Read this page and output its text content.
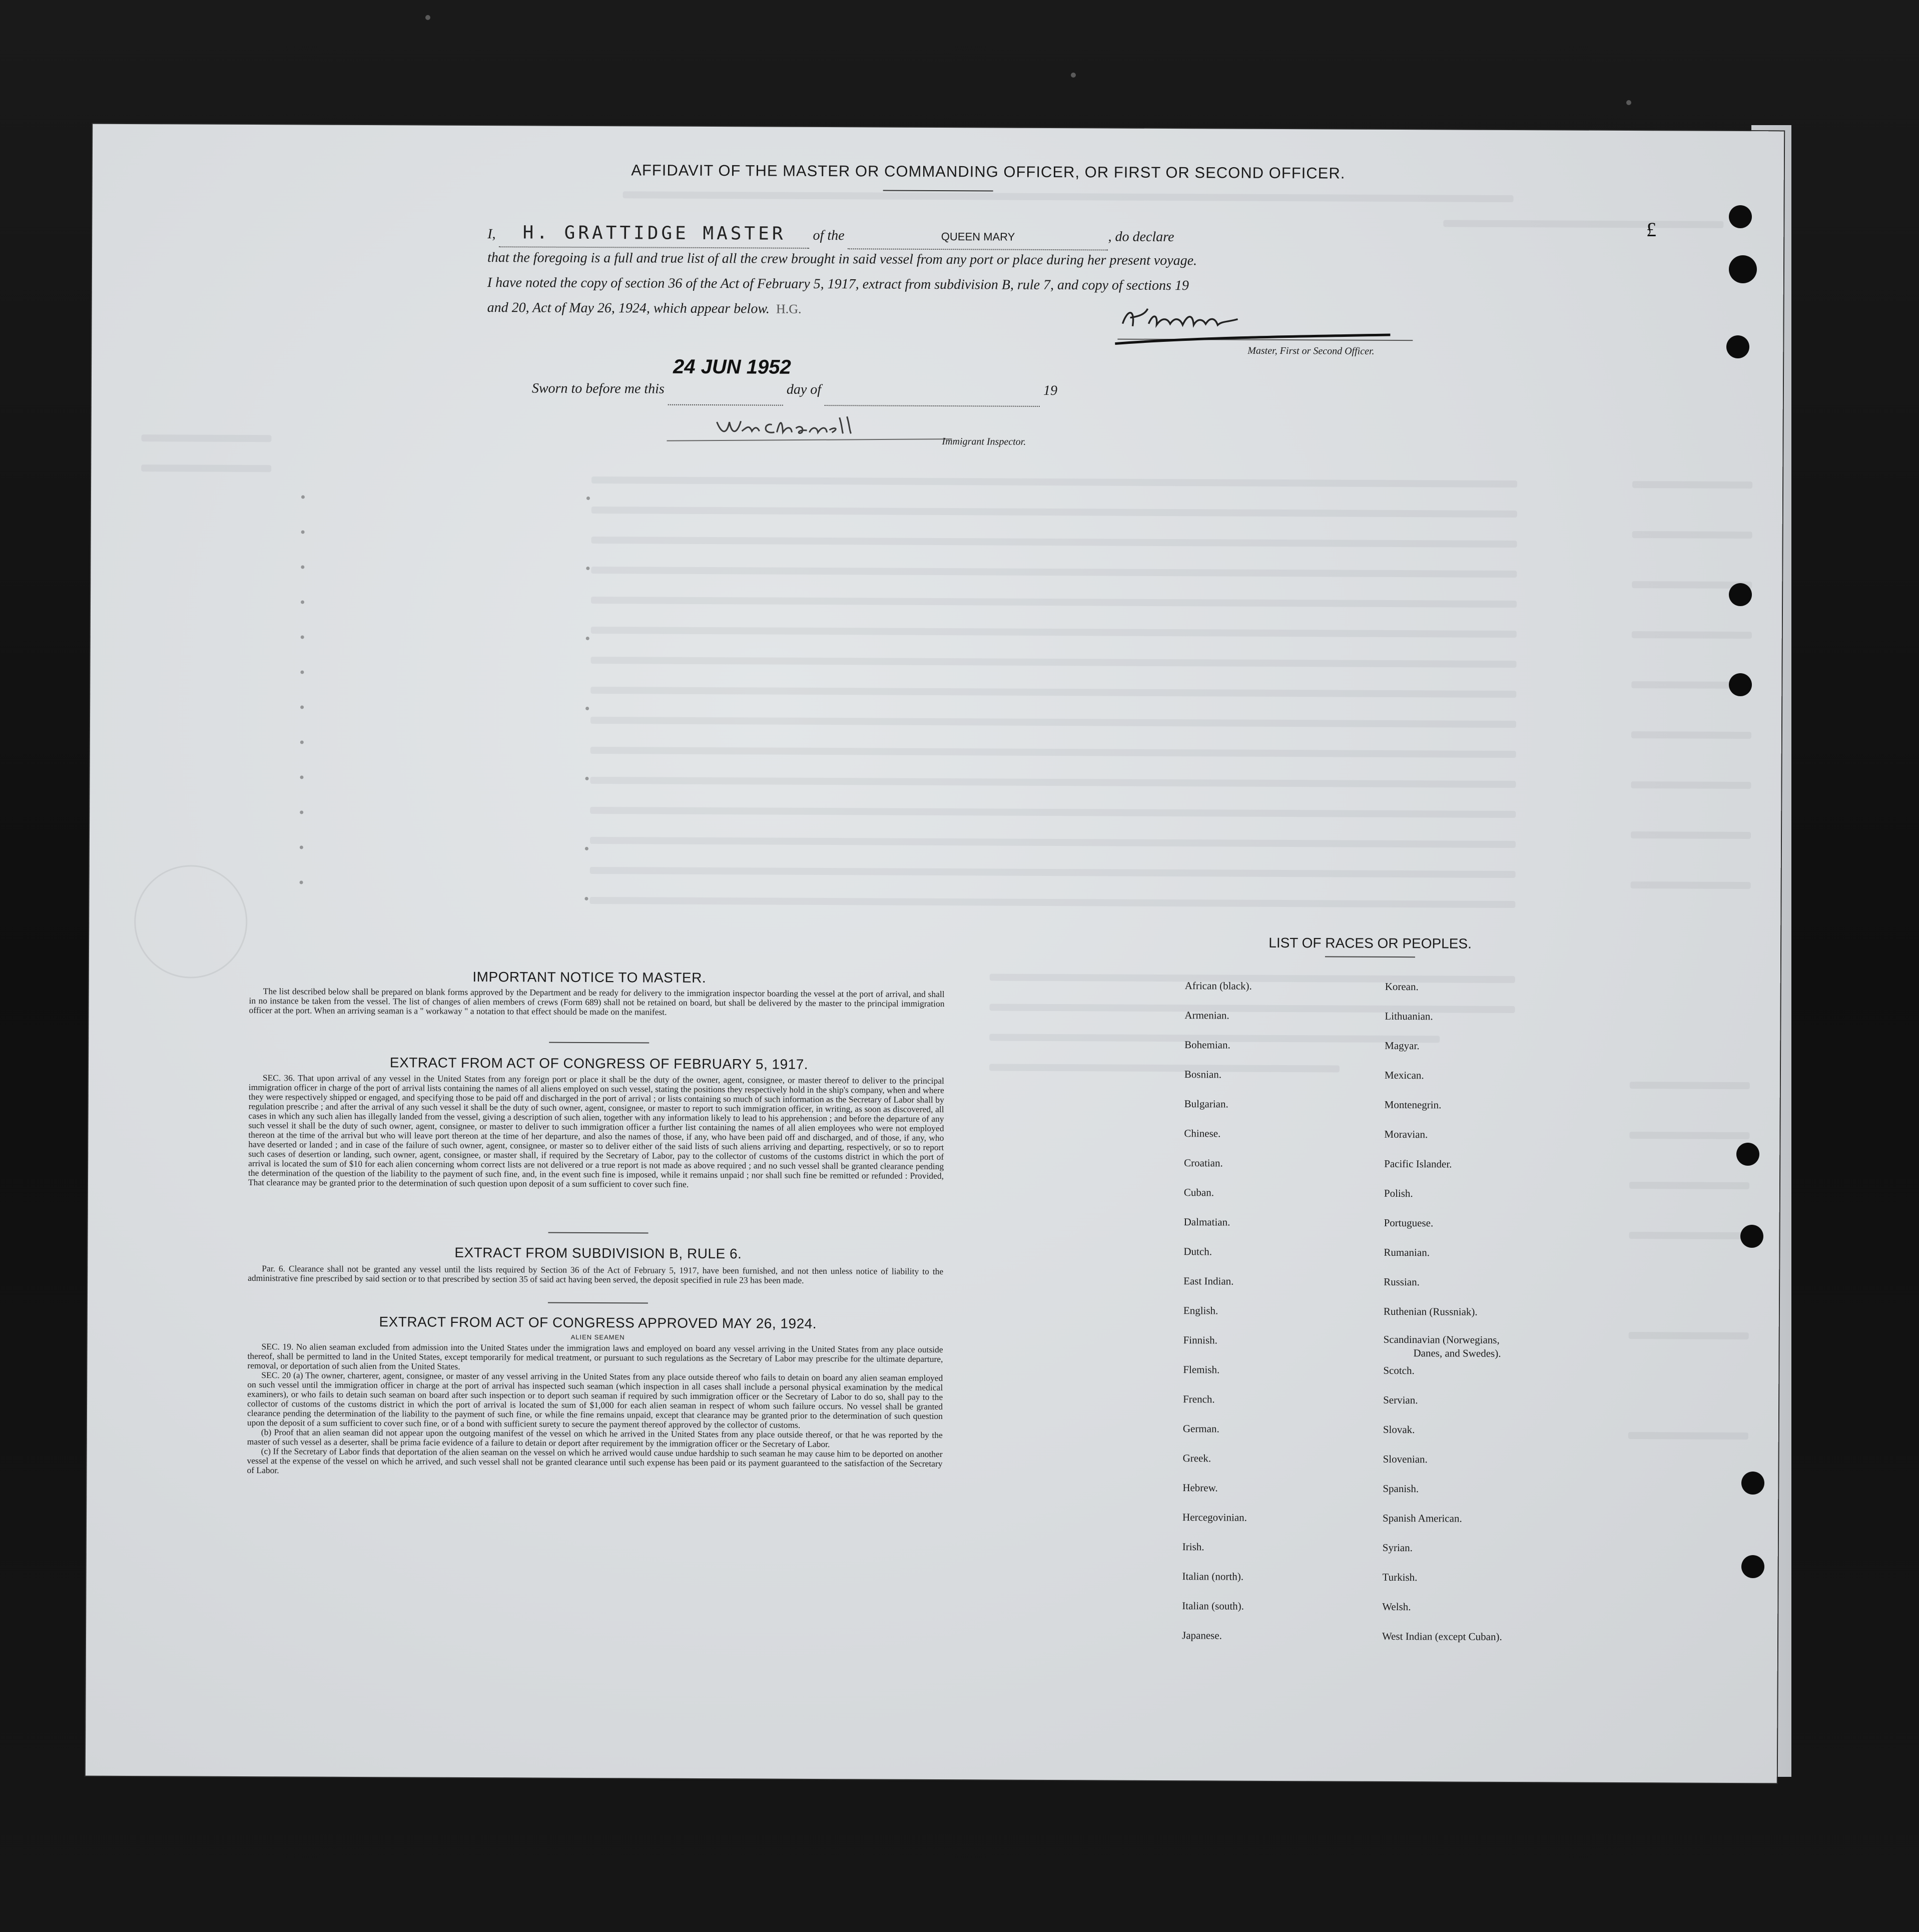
AFFIDAVIT OF THE MASTER OR COMMANDING OFFICER, OR FIRST OR SECOND OFFICER.
I, H. GRATTIDGE MASTER of the	QUEEN MARY	, do declare
that the foregoing is a full and true list of all the crew brought in said vessel from any port or place during her present voyage.
I have noted the copy of section 36 of the Act of February 5, 1917, extract from subdivision B, rule 7, and copy of sections 19
and 20, Act of May 26, 1924, which appear below. H.G.
Master, First or Second Officer.
Sworn to before me this
24 JUN 1952
day of	19
Immigrant Inspector.
IMPORTANT NOTICE TO MASTER.

The list described below shall be prepared on blank forms approved by the Department and be ready for delivery to the immigration inspector boarding the vessel at the port of arrival, and shall in no instance be taken from the vessel. The list of changes of alien members of crews (Form 689) shall not be retained on board, but shall be delivered by the master to the principal immigration officer at the port. When an arriving seaman is a " workaway " a notation to that effect should be made on the manifest.

EXTRACT FROM ACT OF CONGRESS OF FEBRUARY 5, 1917.

SEC. 36. That upon arrival of any vessel in the United States from any foreign port or place it shall be the duty of the owner, agent, consignee, or master thereof to deliver to the principal immigration officer in charge of the port of arrival lists containing the names of all aliens employed on such vessel, stating the positions they respectively hold in the ship's company, when and where they were respectively shipped or engaged, and specifying those to be paid off and discharged in the port of arrival ; or lists containing so much of such information as the Secretary of Labor shall by regulation prescribe ; and after the arrival of any such vessel it shall be the duty of such owner, agent, consignee, or master to report to such immigration officer, in writing, as soon as discovered, all cases in which any such alien has illegally landed from the vessel, giving a description of such alien, together with any information likely to lead to his apprehension ; and before the departure of any such vessel it shall be the duty of such owner, agent, consignee, or master to deliver to such immigration officer a further list containing the names of all alien employees who were not employed thereon at the time of the arrival but who will leave port thereon at the time of her departure, and also the names of those, if any, who have been paid off and discharged, and of those, if any, who have deserted or landed ; and in case of the failure of such owner, agent, consignee, or master so to deliver either of the said lists of such aliens arriving and departing, respectively, or so to report such cases of desertion or landing, such owner, agent, consignee, or master shall, if required by the Secretary of Labor, pay to the collector of customs of the customs district in which the port of arrival is located the sum of $10 for each alien concerning whom correct lists are not delivered or a true report is not made as above required ; and no such vessel shall be granted clearance pending the determination of the question of the liability to the payment of such fine, and, in the event such fine is imposed, while it remains unpaid ; nor shall such fine be remitted or refunded : Provided, That clearance may be granted prior to the determination of such question upon deposit of a sum sufficient to cover such fine.

EXTRACT FROM SUBDIVISION B, RULE 6.

Par. 6. Clearance shall not be granted any vessel until the lists required by Section 36 of the Act of February 5, 1917, have been furnished, and not then unless notice of liability to the administrative fine prescribed by said section or to that prescribed by section 35 of said act having been served, the deposit specified in rule 23 has been made.

EXTRACT FROM ACT OF CONGRESS APPROVED MAY 26, 1924.
ALIEN SEAMEN

SEC. 19. No alien seaman excluded from admission into the United States under the immigration laws and employed on board any vessel arriving in the United States from any place outside thereof, shall be permitted to land in the United States, except temporarily for medical treatment, or pursuant to such regulations as the Secretary of Labor may prescribe for the ultimate departure, removal, or deportation of such alien from the United States.

SEC. 20 (a) The owner, charterer, agent, consignee, or master of any vessel arriving in the United States from any place outside thereof who fails to detain on board any alien seaman employed on such vessel until the immigration officer in charge at the port of arrival has inspected such seaman (which inspection in all cases shall include a personal physical examination by the medical examiners), or who fails to detain such seaman on board after such inspection or to deport such seaman if required by such immigration officer or the Secretary of Labor to do so, shall pay to the collector of customs of the customs district in which the port of arrival is located the sum of $1,000 for each alien seaman in respect of whom such failure occurs. No vessel shall be granted clearance pending the determination of the liability to the payment of such fine, or while the fine remains unpaid, except that clearance may be granted prior to the determination of such question upon the deposit of a sum sufficient to cover such fine, or of a bond with sufficient surety to secure the payment thereof approved by the collector of customs.

(b) Proof that an alien seaman did not appear upon the outgoing manifest of the vessel on which he arrived in the United States from any place outside thereof, or that he was reported by the master of such vessel as a deserter, shall be prima facie evidence of a failure to detain or deport after requirement by the immigration officer or the Secretary of Labor.

(c) If the Secretary of Labor finds that deportation of the alien seaman on the vessel on which he arrived would cause undue hardship to such seaman he may cause him to be deported on another vessel at the expense of the vessel on which he arrived, and such vessel shall not be granted clearance until such expense has been paid or its payment guaranteed to the satisfaction of the Secretary of Labor.

LIST OF RACES OR PEOPLES.
African (black).
Armenian.
Bohemian.
Bosnian.
Bulgarian.
Chinese.
Croatian.
Cuban.
Dalmatian.
Dutch.
East Indian.
English.
Finnish.
Flemish.
French.
German.
Greek.
Hebrew.
Hercegovinian.
Irish.
Italian (north).
Italian (south).
Japanese.
Korean.
Lithuanian.
Magyar.
Mexican.
Montenegrin.
Moravian.
Pacific Islander.
Polish.
Portuguese.
Rumanian.
Russian.
Ruthenian (Russniak).
Scandinavian (Norwegians,
Danes, and Swedes).
Scotch.
Servian.
Slovak.
Slovenian.
Spanish.
Spanish American.
Syrian.
Turkish.
Welsh.
West Indian (except Cuban).
£
